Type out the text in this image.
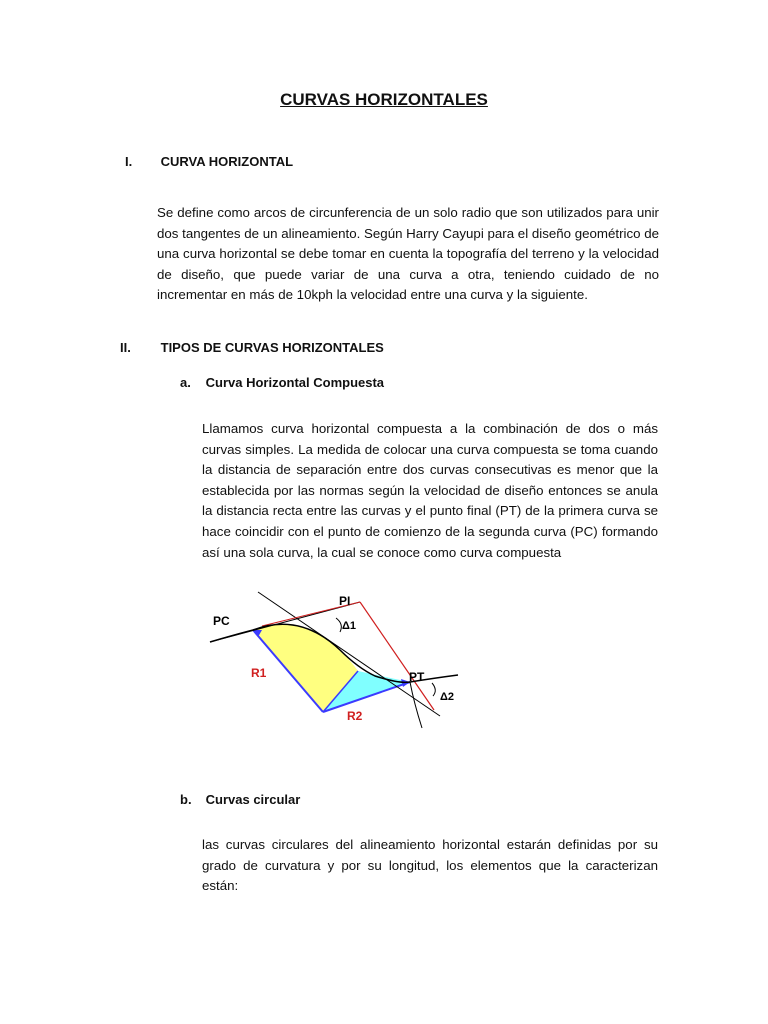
CURVAS HORIZONTALES
I. CURVA HORIZONTAL
Se define como arcos de circunferencia de un solo radio que son utilizados para unir dos tangentes de un alineamiento. Según Harry Cayupi para el diseño geométrico de una curva horizontal se debe tomar en cuenta la topografía del terreno y la velocidad de diseño, que puede variar de una curva a otra, teniendo cuidado de no incrementar en más de 10kph la velocidad entre una curva y la siguiente.
II. TIPOS DE CURVAS HORIZONTALES
a. Curva Horizontal Compuesta
Llamamos curva horizontal compuesta a la combinación de dos o más curvas simples. La medida de colocar una curva compuesta se toma cuando la distancia de separación entre dos curvas consecutivas es menor que la establecida por las normas según la velocidad de diseño entonces se anula la distancia recta entre las curvas y el punto final (PT) de la primera curva se hace coincidir con el punto de comienzo de la segunda curva (PC) formando así una sola curva, la cual se conoce como curva compuesta
PC
PI
PT
R1
R2
Δ1
Δ2
b. Curvas circular
las curvas circulares del alineamiento horizontal estarán definidas por su grado de curvatura y por su longitud, los elementos que la caracterizan están:
